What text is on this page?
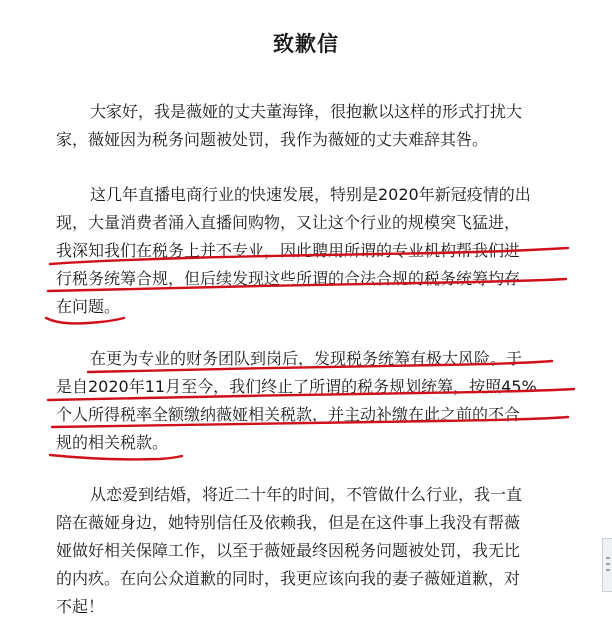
致歉信
大家好，我是薇娅的丈夫董海锋，很抱歉以这样的形式打扰大
家，薇娅因为税务问题被处罚，我作为薇娅的丈夫难辞其咎。
这几年直播电商行业的快速发展，特别是2020年新冠疫情的出
现，大量消费者涌入直播间购物，又让这个行业的规模突飞猛进，
我深知我们在税务上并不专业，因此聘用所谓的专业机构帮我们进
行税务统筹合规，但后续发现这些所谓的合法合规的税务统筹均存
在问题。
在更为专业的财务团队到岗后，发现税务统筹有极大风险。于
是自2020年11月至今，我们终止了所谓的税务规划统筹，按照45%
个人所得税率全额缴纳薇娅相关税款，并主动补缴在此之前的不合
规的相关税款。
从恋爱到结婚，将近二十年的时间，不管做什么行业，我一直
陪在薇娅身边，她特别信任及依赖我，但是在这件事上我没有帮薇
娅做好相关保障工作，以至于薇娅最终因税务问题被处罚，我无比
的内疚。在向公众道歉的同时，我更应该向我的妻子薇娅道歉，对
不起！
